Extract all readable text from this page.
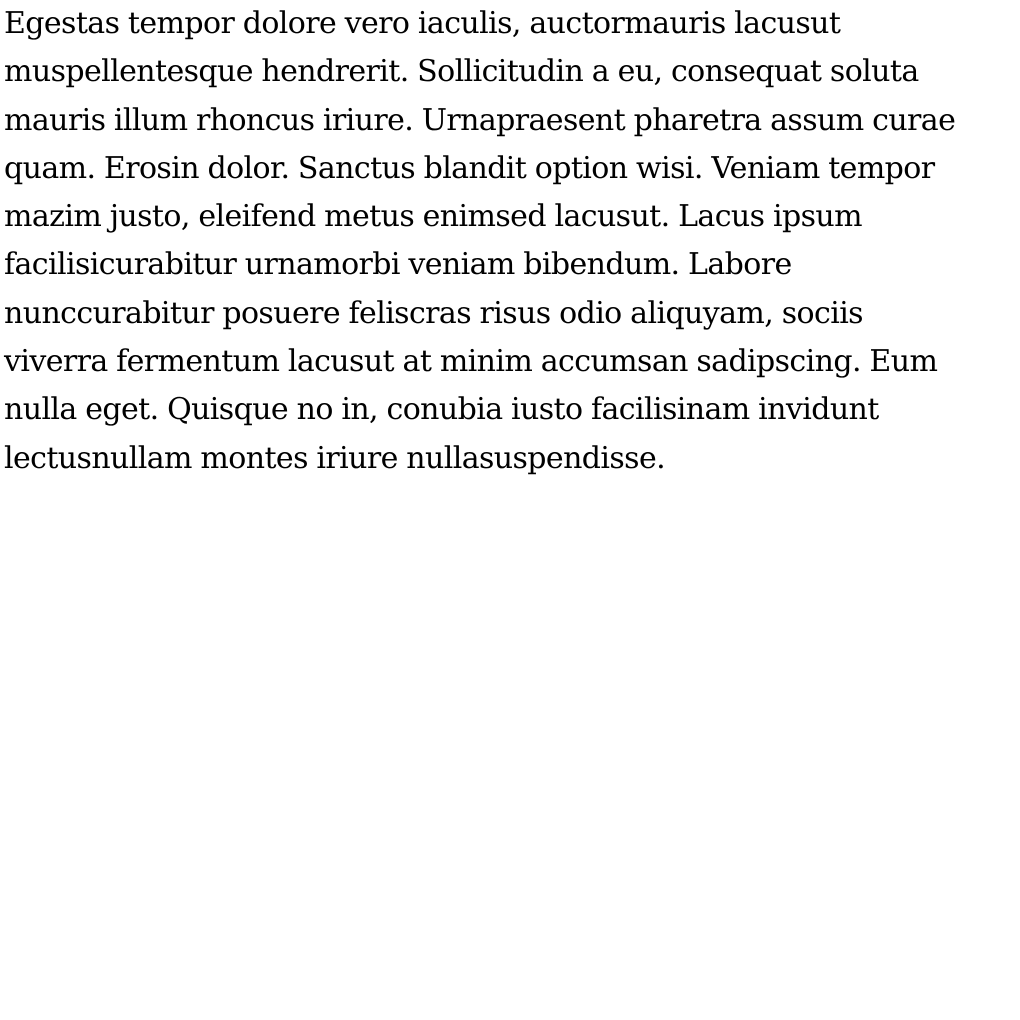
Egestas tempor dolore vero iaculis, auctormauris lacusut
muspellentesque hendrerit. Sollicitudin a eu, consequat soluta
mauris illum rhoncus iriure. Urnapraesent pharetra assum curae
quam. Erosin dolor. Sanctus blandit option wisi. Veniam tempor
mazim justo, eleifend metus enimsed lacusut. Lacus ipsum
facilisicurabitur urnamorbi veniam bibendum. Labore
nunccurabitur posuere feliscras risus odio aliquyam, sociis
viverra fermentum lacusut at minim accumsan sadipscing. Eum
nulla eget. Quisque no in, conubia iusto facilisinam invidunt
lectusnullam montes iriure nullasuspendisse.
